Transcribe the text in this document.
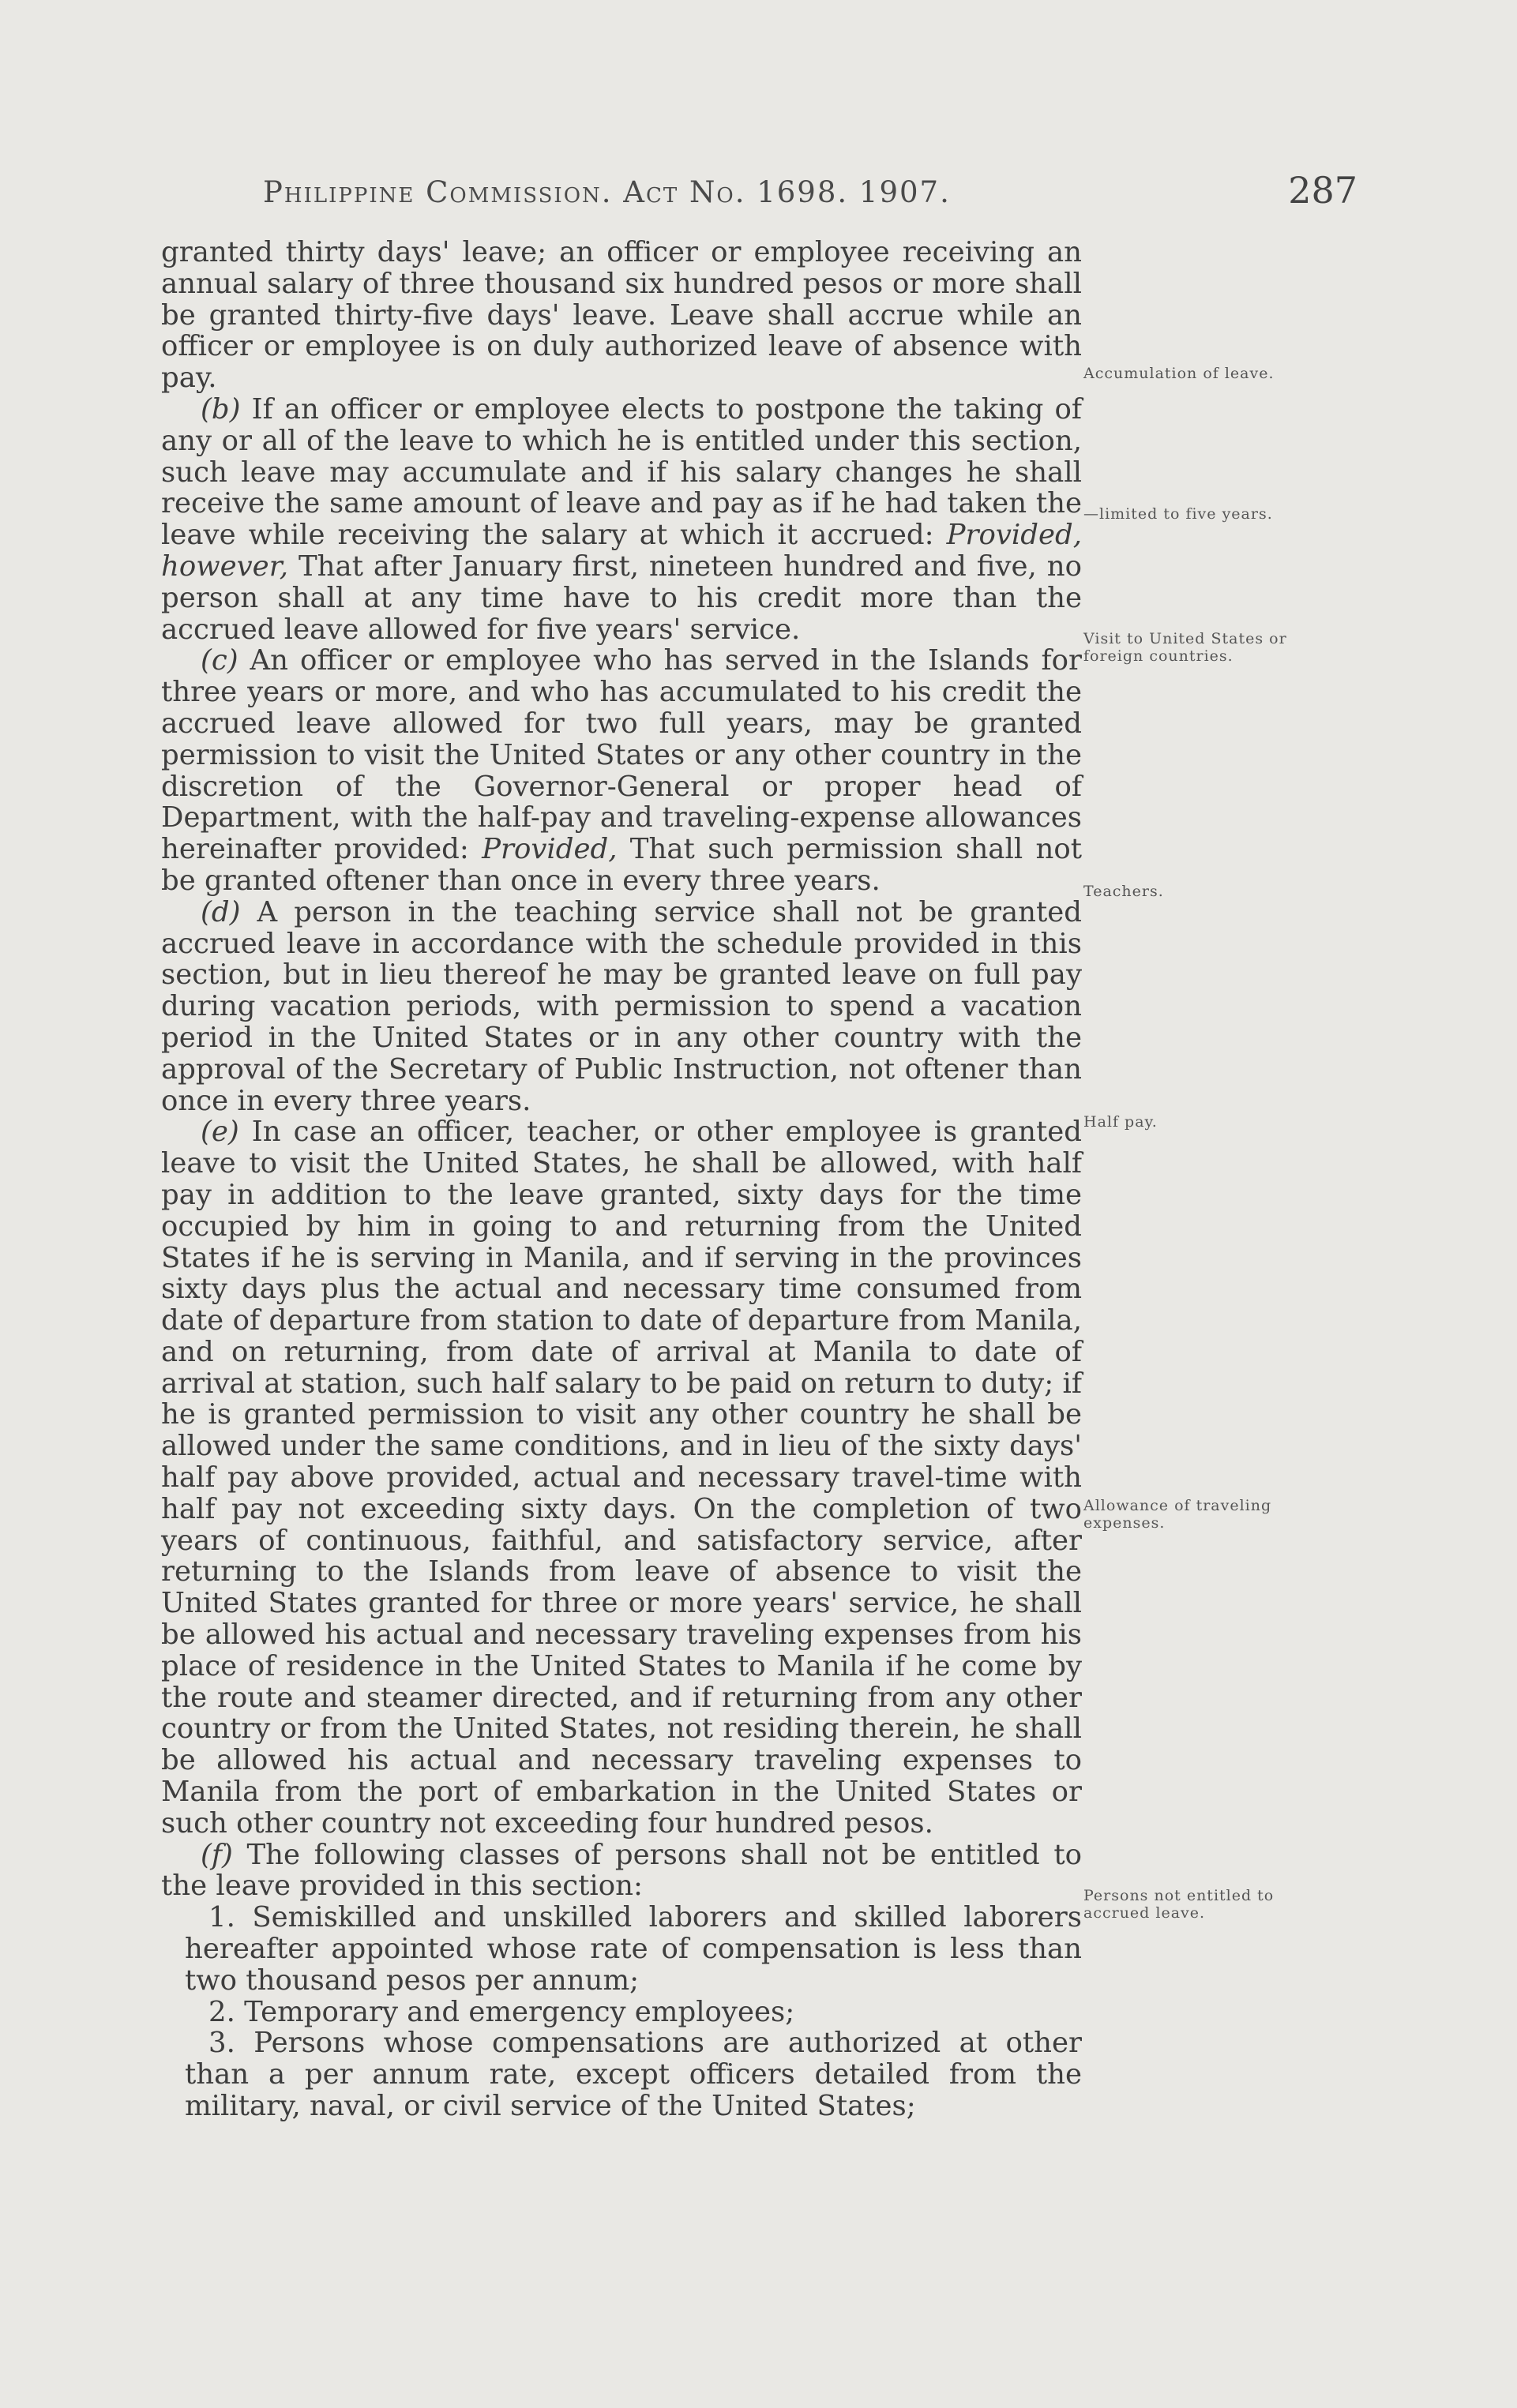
Philippine Commission. Act No. 1698. 1907.	287

granted thirty days' leave; an officer or employee receiving an annual salary of three thousand six hundred pesos or more shall be granted thirty-five days' leave. Leave shall accrue while an officer or employee is on duly authorized leave of absence with pay.

(b) If an officer or employee elects to postpone the taking of any or all of the leave to which he is entitled under this section, such leave may accumulate and if his salary changes he shall receive the same amount of leave and pay as if he had taken the leave while receiving the salary at which it accrued: Provided, however, That after January first, nineteen hundred and five, no person shall at any time have to his credit more than the accrued leave allowed for five years' service.

(c) An officer or employee who has served in the Islands for three years or more, and who has accumulated to his credit the accrued leave allowed for two full years, may be granted permission to visit the United States or any other country in the discretion of the Governor-General or proper head of Department, with the half-pay and traveling-expense allowances hereinafter provided: Provided, That such permission shall not be granted oftener than once in every three years.

(d) A person in the teaching service shall not be granted accrued leave in accordance with the schedule provided in this section, but in lieu thereof he may be granted leave on full pay during vacation periods, with permission to spend a vacation period in the United States or in any other country with the approval of the Secretary of Public Instruction, not oftener than once in every three years.

(e) In case an officer, teacher, or other employee is granted leave to visit the United States, he shall be allowed, with half pay in addition to the leave granted, sixty days for the time occupied by him in going to and returning from the United States if he is serving in Manila, and if serving in the provinces sixty days plus the actual and necessary time consumed from date of departure from station to date of departure from Manila, and on returning, from date of arrival at Manila to date of arrival at station, such half salary to be paid on return to duty; if he is granted permission to visit any other country he shall be allowed under the same conditions, and in lieu of the sixty days' half pay above provided, actual and necessary travel-time with half pay not exceeding sixty days. On the completion of two years of continuous, faithful, and satisfactory service, after returning to the Islands from leave of absence to visit the United States granted for three or more years' service, he shall be allowed his actual and necessary traveling expenses from his place of residence in the United States to Manila if he come by the route and steamer directed, and if returning from any other country or from the United States, not residing therein, he shall be allowed his actual and necessary traveling expenses to Manila from the port of embarkation in the United States or such other country not exceeding four hundred pesos.

(f) The following classes of persons shall not be entitled to the leave provided in this section:

1. Semiskilled and unskilled laborers and skilled laborers hereafter appointed whose rate of compensation is less than two thousand pesos per annum;

2. Temporary and emergency employees;

3. Persons whose compensations are authorized at other than a per annum rate, except officers detailed from the military, naval, or civil service of the United States;

Accumulation of leave.
—limited to five years.
Visit to United States or foreign countries.
Teachers.
Half pay.
Allowance of traveling expenses.
Persons not entitled to accrued leave.
